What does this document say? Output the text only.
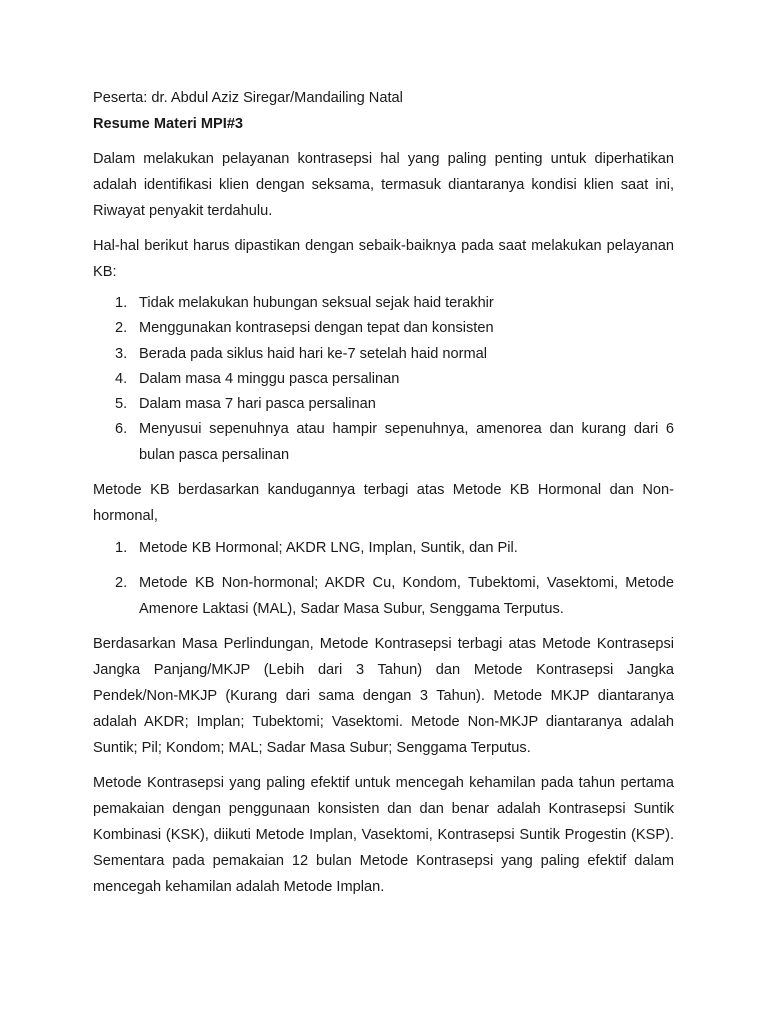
Peserta: dr. Abdul Aziz Siregar/Mandailing Natal

Resume Materi MPI#3

Dalam melakukan pelayanan kontrasepsi hal yang paling penting untuk diperhatikan adalah identifikasi klien dengan seksama, termasuk diantaranya kondisi klien saat ini, Riwayat penyakit terdahulu.

Hal-hal berikut harus dipastikan dengan sebaik-baiknya pada saat melakukan pelayanan KB:

1. Tidak melakukan hubungan seksual sejak haid terakhir
2. Menggunakan kontrasepsi dengan tepat dan konsisten
3. Berada pada siklus haid hari ke-7 setelah haid normal
4. Dalam masa 4 minggu pasca persalinan
5. Dalam masa 7 hari pasca persalinan
6. Menyusui sepenuhnya atau hampir sepenuhnya, amenorea dan kurang dari 6 bulan pasca persalinan

Metode KB berdasarkan kandugannya terbagi atas Metode KB Hormonal dan Non-hormonal,

1. Metode KB Hormonal; AKDR LNG, Implan, Suntik, dan Pil.
2. Metode KB Non-hormonal; AKDR Cu, Kondom, Tubektomi, Vasektomi, Metode Amenore Laktasi (MAL), Sadar Masa Subur, Senggama Terputus.

Berdasarkan Masa Perlindungan, Metode Kontrasepsi terbagi atas Metode Kontrasepsi Jangka Panjang/MKJP (Lebih dari 3 Tahun) dan Metode Kontrasepsi Jangka Pendek/Non-MKJP (Kurang dari sama dengan 3 Tahun). Metode MKJP diantaranya adalah AKDR; Implan; Tubektomi; Vasektomi. Metode Non-MKJP diantaranya adalah Suntik; Pil; Kondom; MAL; Sadar Masa Subur; Senggama Terputus.

Metode Kontrasepsi yang paling efektif untuk mencegah kehamilan pada tahun pertama pemakaian dengan penggunaan konsisten dan dan benar adalah Kontrasepsi Suntik Kombinasi (KSK), diikuti Metode Implan, Vasektomi, Kontrasepsi Suntik Progestin (KSP). Sementara pada pemakaian 12 bulan Metode Kontrasepsi yang paling efektif dalam mencegah kehamilan adalah Metode Implan.
